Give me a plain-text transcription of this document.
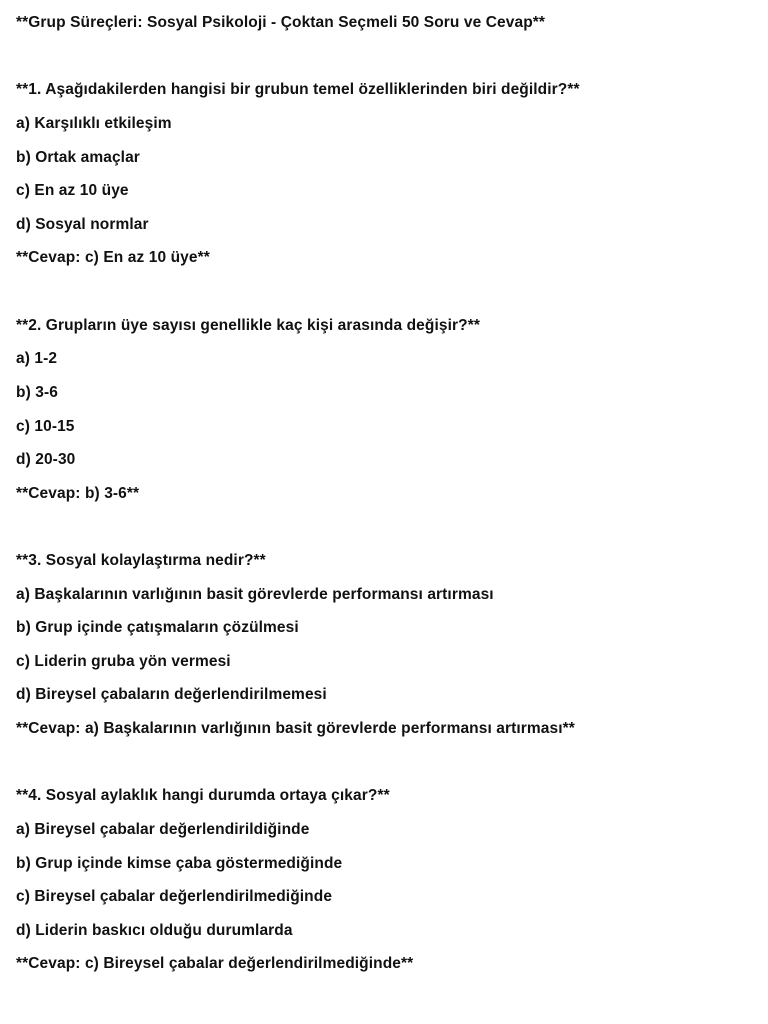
**Grup Süreçleri: Sosyal Psikoloji - Çoktan Seçmeli 50 Soru ve Cevap**
**1. Aşağıdakilerden hangisi bir grubun temel özelliklerinden biri değildir?**
a) Karşılıklı etkileşim
b) Ortak amaçlar
c) En az 10 üye
d) Sosyal normlar
**Cevap: c) En az 10 üye**
**2. Grupların üye sayısı genellikle kaç kişi arasında değişir?**
a) 1-2
b) 3-6
c) 10-15
d) 20-30
**Cevap: b) 3-6**
**3. Sosyal kolaylaştırma nedir?**
a) Başkalarının varlığının basit görevlerde performansı artırması
b) Grup içinde çatışmaların çözülmesi
c) Liderin gruba yön vermesi
d) Bireysel çabaların değerlendirilmemesi
**Cevap: a) Başkalarının varlığının basit görevlerde performansı artırması**
**4. Sosyal aylaklık hangi durumda ortaya çıkar?**
a) Bireysel çabalar değerlendirildiğinde
b) Grup içinde kimse çaba göstermediğinde
c) Bireysel çabalar değerlendirilmediğinde
d) Liderin baskıcı olduğu durumlarda
**Cevap: c) Bireysel çabalar değerlendirilmediğinde**
